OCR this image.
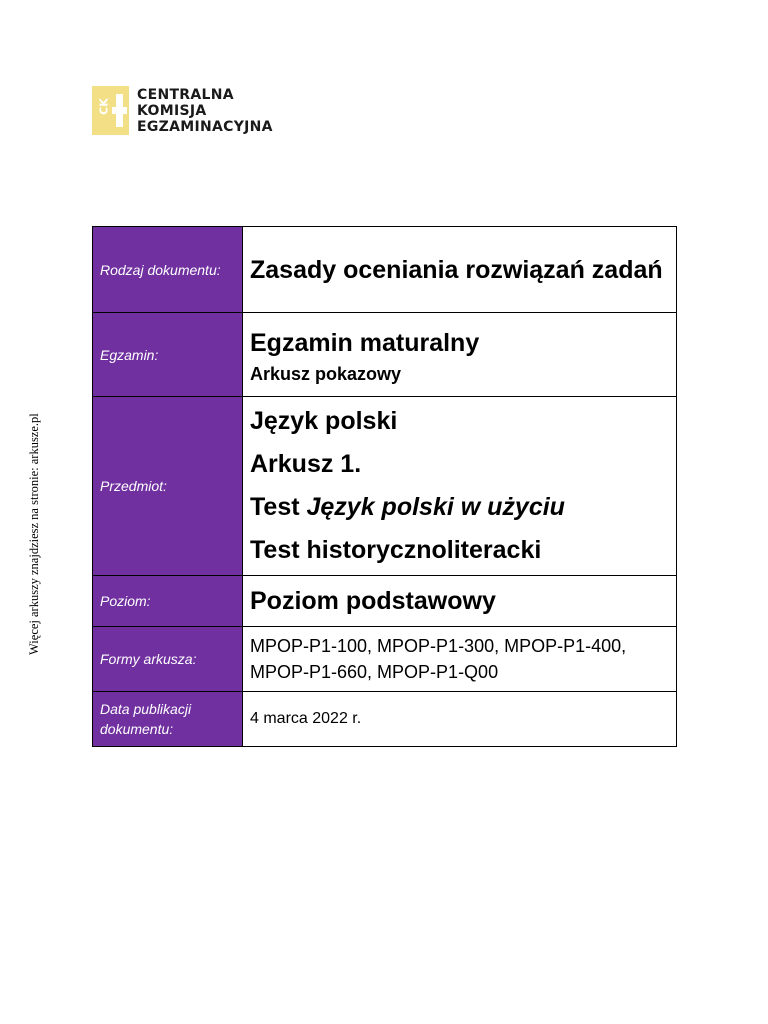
CK
CENTRALNA
KOMISJA
EGZAMINACYJNA
Więcej arkuszy znajdziesz na stronie: arkusze.pl
Rodzaj dokumentu:	Zasady oceniania rozwiązań zadań

Egzamin:	Egzamin maturalny
Arkusz pokazowy

Przedmiot:	Język polski
Arkusz 1.
Test Język polski w użyciu
Test historycznoliteracki

Poziom:	Poziom podstawowy

Formy arkusza:	MPOP-P1-100, MPOP-P1-300, MPOP-P1-400, MPOP-P1-660, MPOP-P1-Q00

Data publikacji dokumentu:	4 marca 2022 r.
